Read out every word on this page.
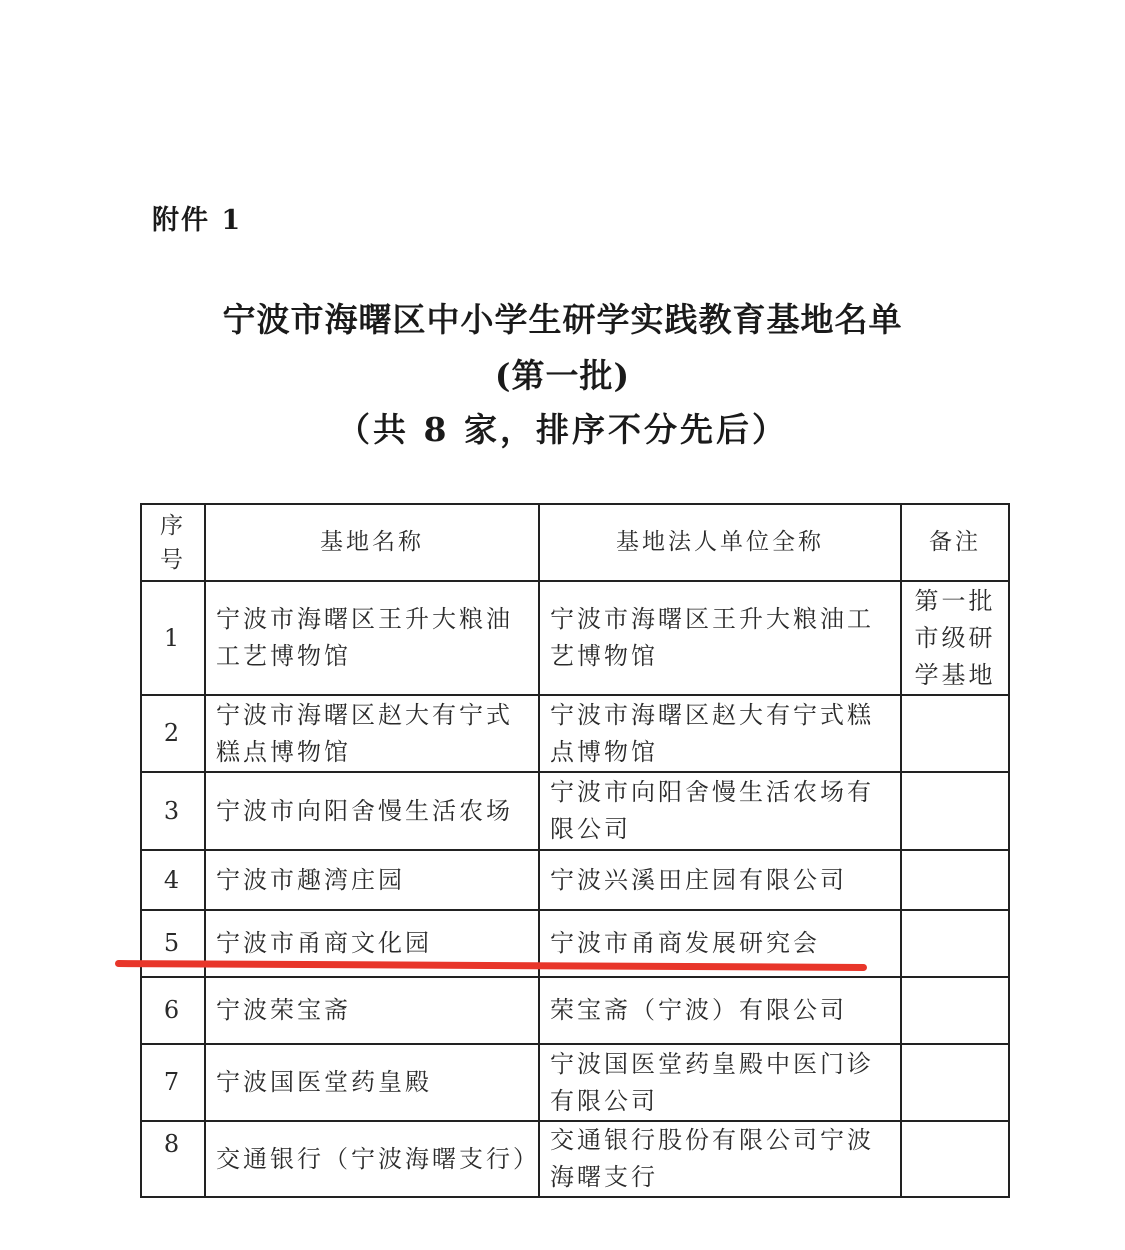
附件 1
宁波市海曙区中小学生研学实践教育基地名单
(第一批)
（共 8 家，排序不分先后）
序号	基地名称	基地法人单位全称	备注
1	宁波市海曙区王升大粮油工艺博物馆	宁波市海曙区王升大粮油工艺博物馆	第一批市级研学基地
2	宁波市海曙区赵大有宁式糕点博物馆	宁波市海曙区赵大有宁式糕点博物馆	
3	宁波市向阳舍慢生活农场	宁波市向阳舍慢生活农场有限公司	
4	宁波市趣湾庄园	宁波兴溪田庄园有限公司	
5	宁波市甬商文化园	宁波市甬商发展研究会	
6	宁波荣宝斋	荣宝斋（宁波）有限公司	
7	宁波国医堂药皇殿	宁波国医堂药皇殿中医门诊有限公司	
8	交通银行（宁波海曙支行）	交通银行股份有限公司宁波海曙支行	
